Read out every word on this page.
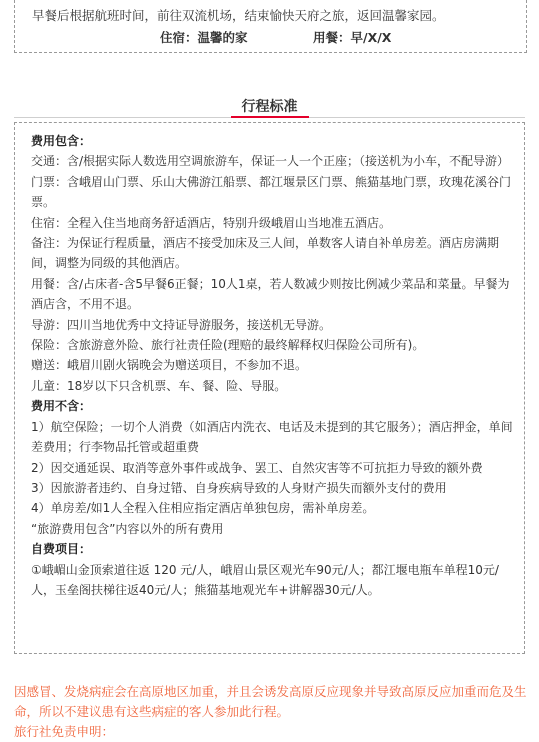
早餐后根据航班时间，前往双流机场，结束愉快天府之旅，返回温馨家园。
住宿：温馨的家	用餐：早/X/X
行程标准

费用包含：

交通：含/根据实际人数选用空调旅游车，保证一人一个正座；（接送机为小车，不配导游）

门票：含峨眉山门票、乐山大佛游江船票、都江堰景区门票、熊猫基地门票，玫瑰花溪谷门票。

住宿：全程入住当地商务舒适酒店，特别升级峨眉山当地准五酒店。

备注：为保证行程质量，酒店不接受加床及三人间，单数客人请自补单房差。酒店房满期间，调整为同级的其他酒店。

用餐：含/占床者-含5早餐6正餐；10人1桌，若人数减少则按比例减少菜品和菜量。早餐为酒店含，不用不退。

导游：四川当地优秀中文持证导游服务，接送机无导游。

保险：含旅游意外险、旅行社责任险(理赔的最终解释权归保险公司所有)。

赠送：峨眉川剧火锅晚会为赠送项目，不参加不退。

儿童：18岁以下只含机票、车、餐、险、导服。

费用不含：

1）航空保险；一切个人消费（如酒店内洗衣、电话及未提到的其它服务）；酒店押金，单间差费用；行李物品托管或超重费

2）因交通延误、取消等意外事件或战争、罢工、自然灾害等不可抗拒力导致的额外费

3）因旅游者违约、自身过错、自身疾病导致的人身财产损失而额外支付的费用

4）单房差/如1人全程入住相应指定酒店单独包房，需补单房差。

“旅游费用包含”内容以外的所有费用

自费项目：

①峨嵋山金顶索道往返 120 元/人，峨眉山景区观光车90元/人；都江堰电瓶车单程10元/人，玉垒阁扶梯往返40元/人；熊猫基地观光车+讲解器30元/人。

因感冒、发烧病症会在高原地区加重，并且会诱发高原反应现象并导致高原反应加重而危及生命，所以不建议患有这些病症的客人参加此行程。

旅行社免责申明：
